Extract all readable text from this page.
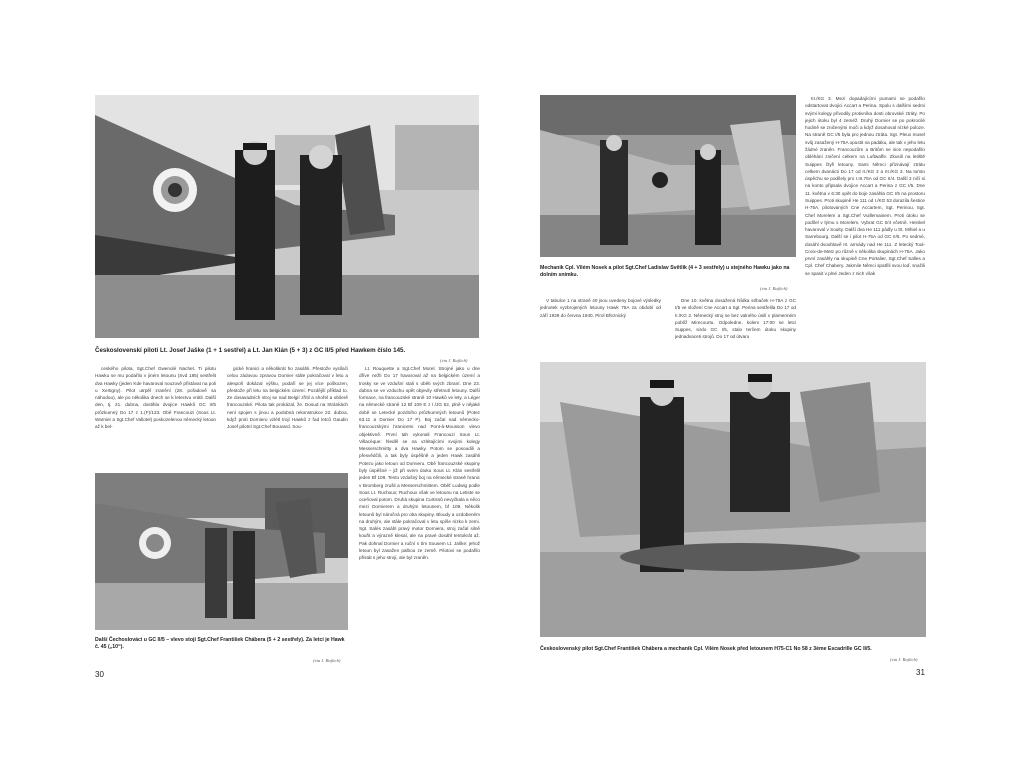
Československí piloti Lt. Josef Jaške (1 + 1 sestřel) a Lt. Jan Klán (5 + 3) z GC II/5 před Hawkem číslo 145.
(via J. Rajlich)

ceského pilota, Sgt.Chef Gwenolé Nachet. Ti pilotu Hawku se mu podařilo v jiném letounu (Svd 185) sestřelit dva Hawky (jeden Kde havaroval nouzově přistávat na poli u Xertigny). Pilot utrpěl zranění (28. pořadově sa náhodou), ale po několika dnech se k letectvu vrátil. Další den, tj. 21. dubna, dostihla dvojice Hawků GC II/5 průzkumný Do 17 z 1.(F)/123. Obě Francouzi (Sous Lt. Warnier a Sgt.Chef Vallotel) poskozelenou německý letoun až k bel-

gické hranici a několikrát ho zasáhli. Přestože vysílači celou zádovou zpravou Dornier stále pokračoval v letu a alespoň dokázal výšku, podaří se jej více poškozen, přestože při letu na belgickém území. Pozdější příklad to. Ze dosavadních stroj se nad Belgií zřítil a shořel a obšerě francouzské. Pilota tak prokázal, že. Dosud na Stránkách není spojen s jinou a podobná rekonstrukce 22. dubna, když proti Dornieru vzlétl trojí Hawků z řad letců Gaudin Josef pilotní Sgt.Chef Bouvard. Sou-

Lt. Rouquette a Sgt.Chef Morel. Strojné jako u dne dříve nežli Do 17 havaroval až na belgickém území a trosky se ve vzdušní stali s oběti svých zbraní. Dne 23. dubna se ve vzduchu opět objevily střetnutí letouny. Další formace, na francouzské straně 10 Hawků ve lety, a Léger na německé straně 12 Bf 109 E z I./JG 52, plně v nějaké době se Letecké pozdního průzkumných letounů (Potez 63.11 a Dornier Do 17 P). Boj začal nad německo-francouzskými hranicemi nad Pont-à-Mousson vlevo objektivně. První tah vykonali Francouzi Sous Lt. Villacèque: hleděl se na vzlétajícími svojimi kolegy Messerschmitty a dva Hawky. Potom se posoudili a přesvědčili, a tak byly úspěšně a jeden Hawk zasáhli Potezu jako letoun od Dornieru. Obě francouzské skupiny byly úspěšné – již při svém útoku Sous Lt. Klán sestřelil jeden Bf 109. Tento vzdušný boj na německé straně hranic v Bromberg zrušil a Messerschmittem. Oběť Ludwig podle Sous Lt. Ruchoux; Ruchoux však ve letounu na Letiste se oceňoval potom. Druhá skupina Curtissů nevyčkala a něco mezi Dornierem a druhým letounem, bf 109. Několik letounů byl náročná pro oba skupiny. Bloudy a ozdobeném na druhým, ale stále pokračoval v letu spíše nízko k zemi. Sgt. Salès zasáhl pravý motor Dorniera, stroj začal silně kouřit a výrazně klesal, ale na pravé dosáhl tentokrát až. Pak dohnal Dornier a ruční s tím Sousem Lt. Jaške: jehož letoun byl zasažen palbou ze země. Pilotovi se podařilo přistát s jeho stroji, ale byl zraněn.

Další Čechoslováci u GC II/5 – vlevo stojí Sgt.Chef František Chábera (5 + 2 sestřely). Za letci je Hawk č. 45 („10“).
(via J. Rajlich)
30
Mechanik Cpl. Vilém Nosek a pilot Sgt.Chef Ladislav Světlík (4 + 3 sestřely) u stejného Hawku jako na dolním snímku.
(via J. Rajlich)

V tabulce 1 na straně 40 jsou uvedeny bojové výsledky jednotek vyzbrojených letouny Hawk 75A za období od září 1939 do června 1940. Pirol Březnický

Dne 10. května dosažená hlídka stíhaček H-75A z GC I/5 ve složení Cne Accart a Sgt. Perina sestřelila Do 17 od II./KG 2. Německý stroj se bez valného úsilí v plamenném poblíž Mirecourtu. Odpoledne, kolem 17:00 se letci Suppes, sirdo GC I/5, stalo terčem útoku skupiny jednadvaceti strojů. Do 17 od útvaru

III./KG 3. Mezi dopadajícími pumami se podařilo odstartovat dvojici Accart a Perina. Spolu s dalšími sedmi svými kolegy přivodily protivníka dosti obrovské ztráty. Po jejich útoku byl 4 zeméž. Druhý Dornier se po pokrocilé hodině se zničenými moči a když dosahoval nízké poloze. Na straně GC I/5 byla pro jednou ztráta. Sgt. Pleux musel svůj zasažený H-75A opustit na padáku, ale tak v jeho letu žádné zraněn. Francouzům a Britům se sice nepodařilo obléhání zničení celkem na Luftwaffe. Zkusili na letiště Suippes čtyři letouny. Sami Němci přiznávají ztrátu celkem dvanácti Do 17 od II./KG 2 a III./KG 3. Na tomto úspěchu se podílely pro I.III.75A od GC II/4. Další 2 ničí si na konto připsala dvojice Accart a Perina z GC I/5. Dne 11. května v 6:30 opět do boje zasáhla GC I/5 na prostoru Suippes. Proti skupině He 111 od I./KG 53 dorazila šestice H-75A, pilotovaných Cne Accartem, Sgt. Perinou, Sgt. Chef Morelem a Sgt.Chef Vuillemainem. Proti útoku se podílel v týmu s Morelem. Vybrat GC II/4 včetně. Heinkel havaroval v Soulty. Další dva He 111 pádly u St. Mihiel a u Sarrebourg. Další se i pilot H-75A od GC II/5. Po sedmé, dosáhl dvouhlavě III. armády nad He 111. Z letecký Toul-Croix-de-Metz po různě v několika skupinách H-75A. Jako první zasáhly na skupině Cne Portalier, Sgt.Chef Salles a Cpl. Chef Chabery. Jakmile Němci spatřili svou loď, snažili se spasit v plné Jeden z nich však

Československý pilot Sgt.Chef František Chábera a mechanik Cpl. Vilém Nosek před letounem H75-C1 No 58 z 3ème Escadrille GC II/5.
(via J. Rajlich)
31
